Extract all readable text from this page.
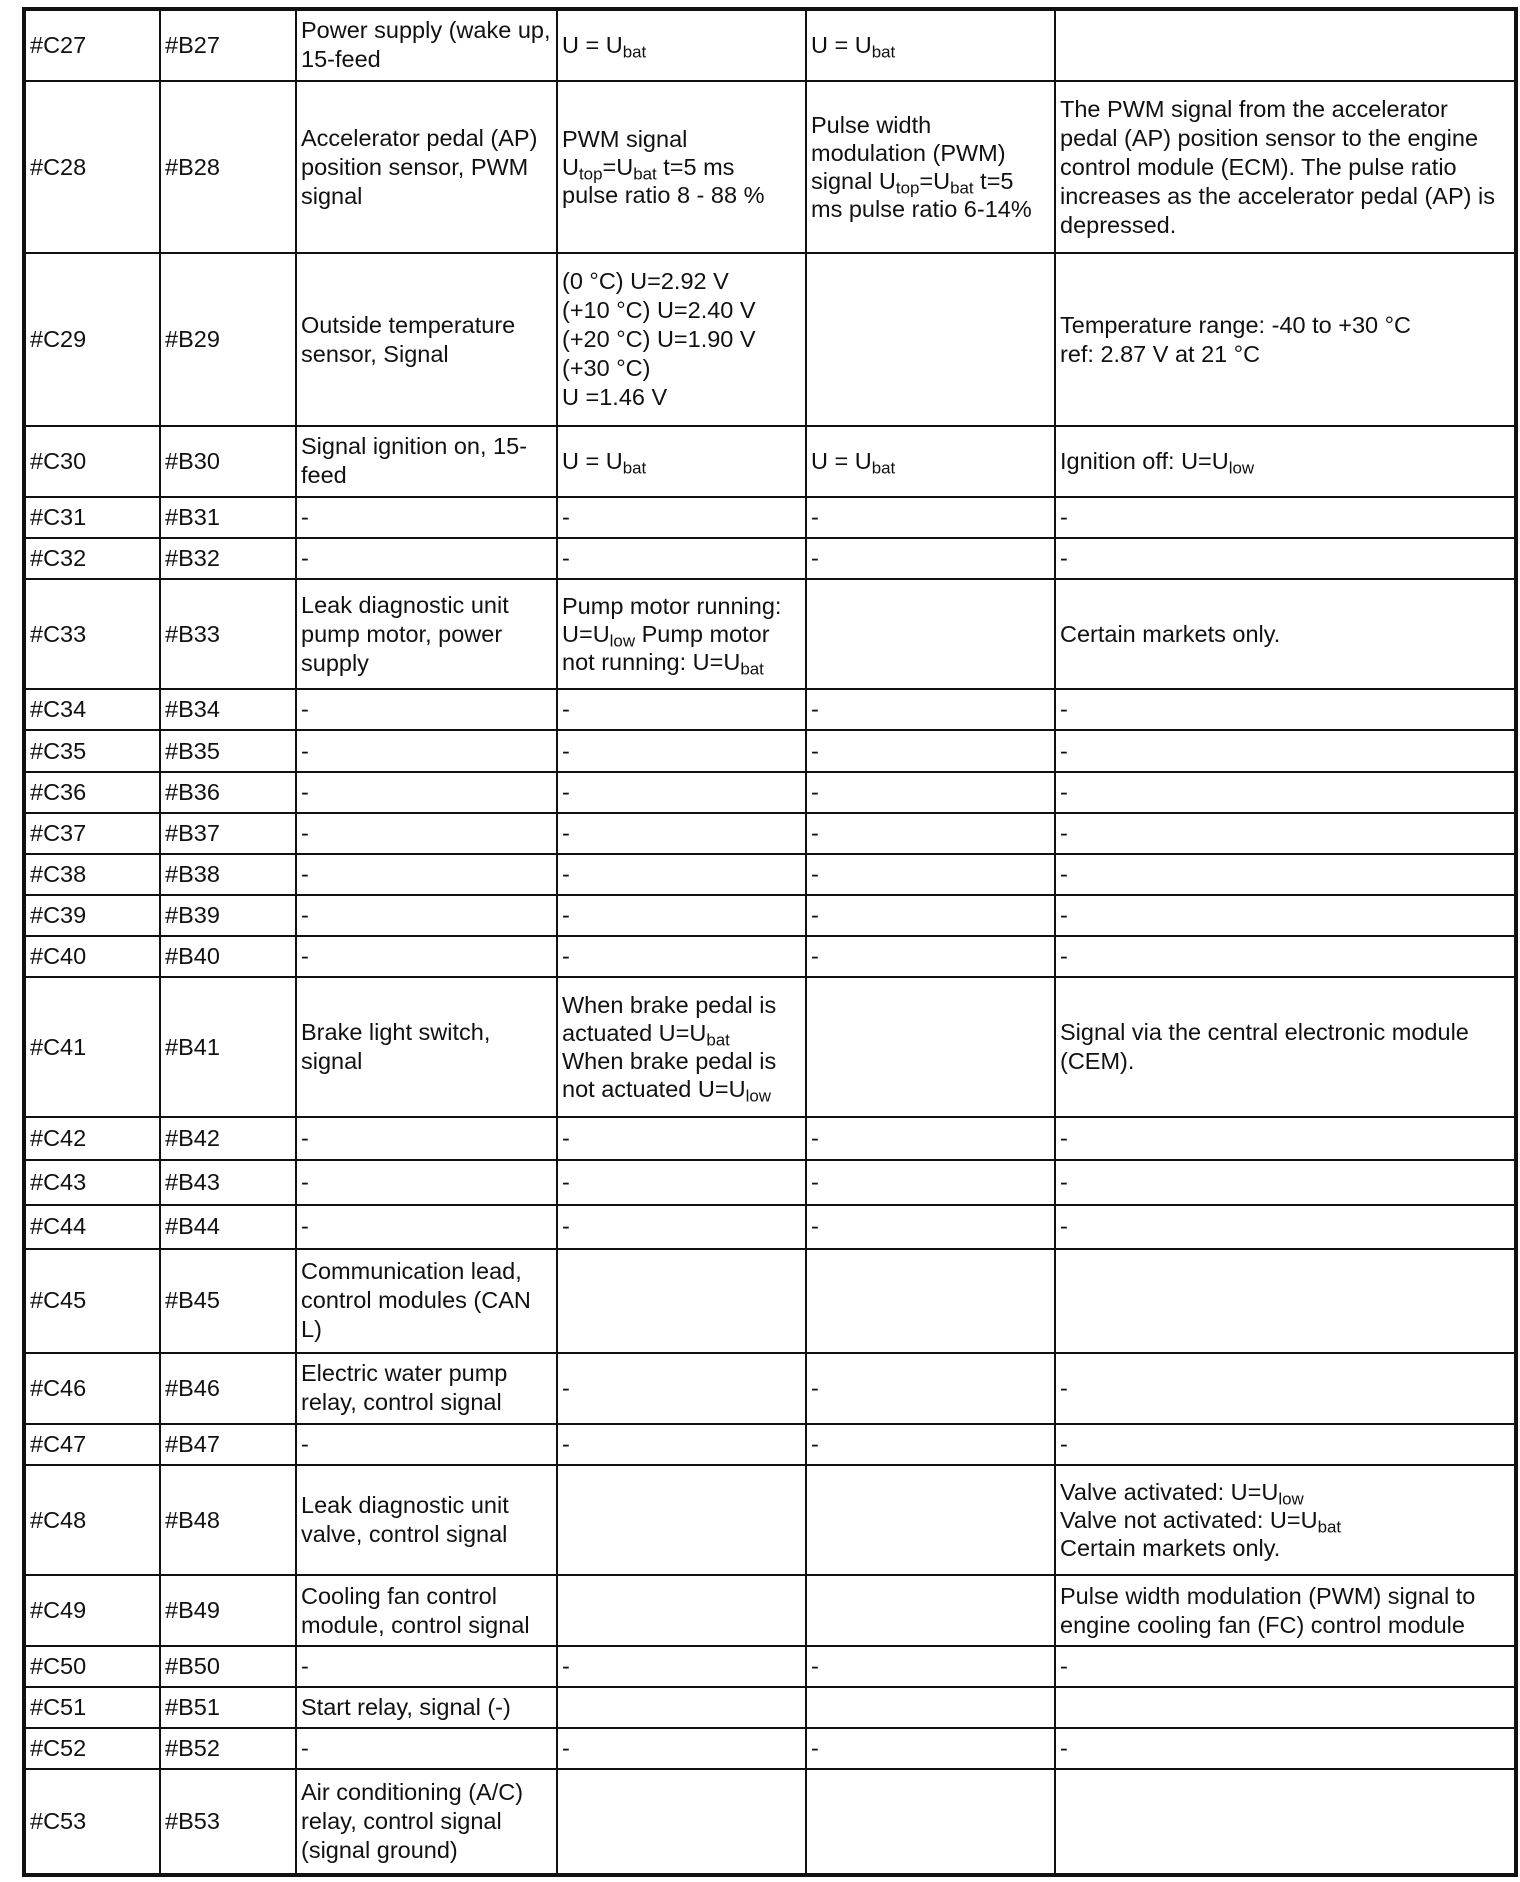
#C27	#B27	Power supply (wake up, 15-feed	$U = U_{bat}$	$U = U_{bat}$	
#C28	#B28	Accelerator pedal (AP) position sensor, PWM signal	PWM signal
$U_{top}=U_{bat}$ t=5 ms
pulse ratio 8 - 88 %	Pulse width modulation (PWM) signal $U_{top}=U_{bat}$ t=5 ms pulse ratio 6-14%	The PWM signal from the accelerator pedal (AP) position sensor to the engine control module (ECM). The pulse ratio increases as the accelerator pedal (AP) is depressed.
#C29	#B29	Outside temperature sensor, Signal	(0 °C) U=2.92 V
(+10 °C) U=2.40 V
(+20 °C) U=1.90 V
(+30 °C)
U =1.46 V		Temperature range: -40 to +30 °C
ref: 2.87 V at 21 °C
#C30	#B30	Signal ignition on, 15-feed	$U = U_{bat}$	$U = U_{bat}$	Ignition off: $U=U_{low}$
#C31	#B31	-	-	-	-
#C32	#B32	-	-	-	-
#C33	#B33	Leak diagnostic unit pump motor, power supply	Pump motor running: $U=U_{low}$ Pump motor not running: $U=U_{bat}$		Certain markets only.
#C34	#B34	-	-	-	-
#C35	#B35	-	-	-	-
#C36	#B36	-	-	-	-
#C37	#B37	-	-	-	-
#C38	#B38	-	-	-	-
#C39	#B39	-	-	-	-
#C40	#B40	-	-	-	-
#C41	#B41	Brake light switch, signal	When brake pedal is actuated $U=U_{bat}$
When brake pedal is not actuated $U=U_{low}$		Signal via the central electronic module (CEM).
#C42	#B42	-	-	-	-
#C43	#B43	-	-	-	-
#C44	#B44	-	-	-	-
#C45	#B45	Communication lead, control modules (CAN L)			
#C46	#B46	Electric water pump relay, control signal	-	-	-
#C47	#B47	-	-	-	-
#C48	#B48	Leak diagnostic unit valve, control signal			Valve activated: $U=U_{low}$
Valve not activated: $U=U_{bat}$
Certain markets only.
#C49	#B49	Cooling fan control module, control signal			Pulse width modulation (PWM) signal to engine cooling fan (FC) control module
#C50	#B50	-	-	-	-
#C51	#B51	Start relay, signal (-)			
#C52	#B52	-	-	-	-
#C53	#B53	Air conditioning (A/C) relay, control signal (signal ground)			
